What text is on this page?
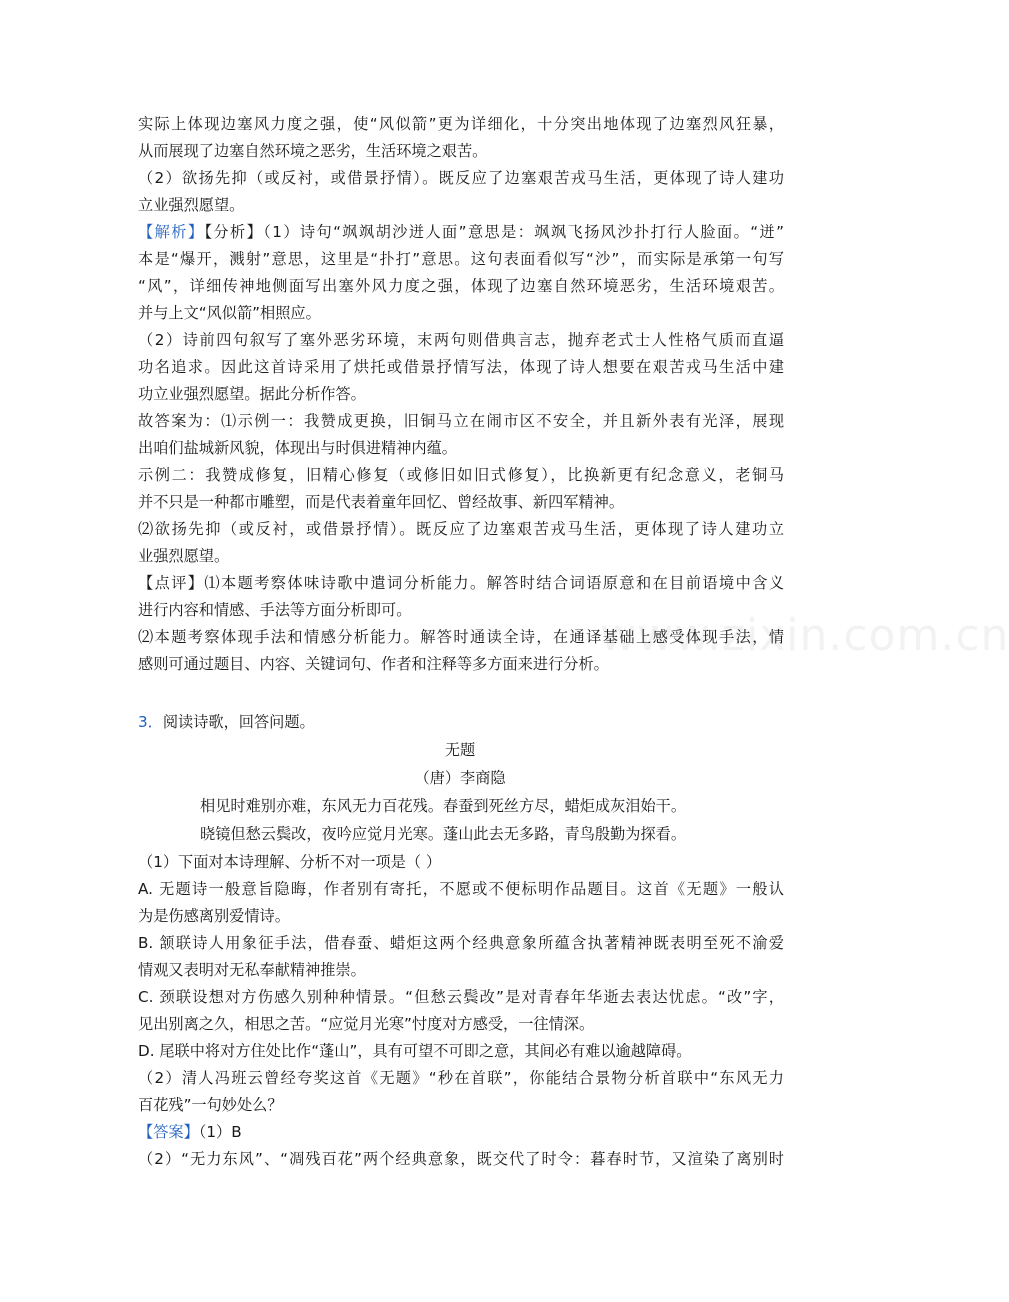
www.zixin.com.cn
实际上体现边塞风力度之强，使“风似箭”更为详细化，十分突出地体现了边塞烈风狂暴，
从而展现了边塞自然环境之恶劣，生活环境之艰苦。
（2）欲扬先抑（或反衬，或借景抒情）。既反应了边塞艰苦戎马生活，更体现了诗人建功
立业强烈愿望。
【解析】【分析】（1）诗句“飒飒胡沙迸人面”意思是：飒飒飞扬风沙扑打行人脸面。“迸”
本是“爆开，溅射”意思，这里是“扑打”意思。这句表面看似写“沙”，而实际是承第一句写
“风”，详细传神地侧面写出塞外风力度之强，体现了边塞自然环境恶劣，生活环境艰苦。
并与上文“风似箭”相照应。
（2）诗前四句叙写了塞外恶劣环境，末两句则借典言志，抛弃老式士人性格气质而直逼
功名追求。因此这首诗采用了烘托或借景抒情写法，体现了诗人想要在艰苦戎马生活中建
功立业强烈愿望。据此分析作答。
故答案为：⑴示例一：我赞成更换，旧铜马立在闹市区不安全，并且新外表有光泽，展现
出咱们盐城新风貌，体现出与时俱进精神内蕴。
示例二：我赞成修复，旧精心修复（或修旧如旧式修复），比换新更有纪念意义，老铜马
并不只是一种都市雕塑，而是代表着童年回忆、曾经故事、新四军精神。
⑵欲扬先抑（或反衬，或借景抒情）。既反应了边塞艰苦戎马生活，更体现了诗人建功立
业强烈愿望。
【点评】⑴本题考察体味诗歌中遣词分析能力。解答时结合词语原意和在目前语境中含义
进行内容和情感、手法等方面分析即可。
⑵本题考察体现手法和情感分析能力。解答时通读全诗，在通译基础上感受体现手法，情
感则可通过题目、内容、关键词句、作者和注释等多方面来进行分析。
3．阅读诗歌，回答问题。
无题
（唐）李商隐
相见时难别亦难，东风无力百花残。春蚕到死丝方尽，蜡炬成灰泪始干。
晓镜但愁云鬓改，夜吟应觉月光寒。蓬山此去无多路，青鸟殷勤为探看。
（1）下面对本诗理解、分析不对一项是（ ）
A. 无题诗一般意旨隐晦，作者别有寄托，不愿或不便标明作品题目。这首《无题》一般认
为是伤感离别爱情诗。
B. 颔联诗人用象征手法，借春蚕、蜡炬这两个经典意象所蕴含执著精神既表明至死不渝爱
情观又表明对无私奉献精神推崇。
C. 颈联设想对方伤感久别种种情景。“但愁云鬓改”是对青春年华逝去表达忧虑。“改”字，
见出别离之久，相思之苦。“应觉月光寒”忖度对方感受，一往情深。
D. 尾联中将对方住处比作“蓬山”，具有可望不可即之意，其间必有难以逾越障碍。
（2）清人冯班云曾经夸奖这首《无题》“秒在首联”，你能结合景物分析首联中“东风无力
百花残”一句妙处么？
【答案】（1）B
（2）“无力东风”、“凋残百花”两个经典意象，既交代了时令：暮春时节，又渲染了离别时
